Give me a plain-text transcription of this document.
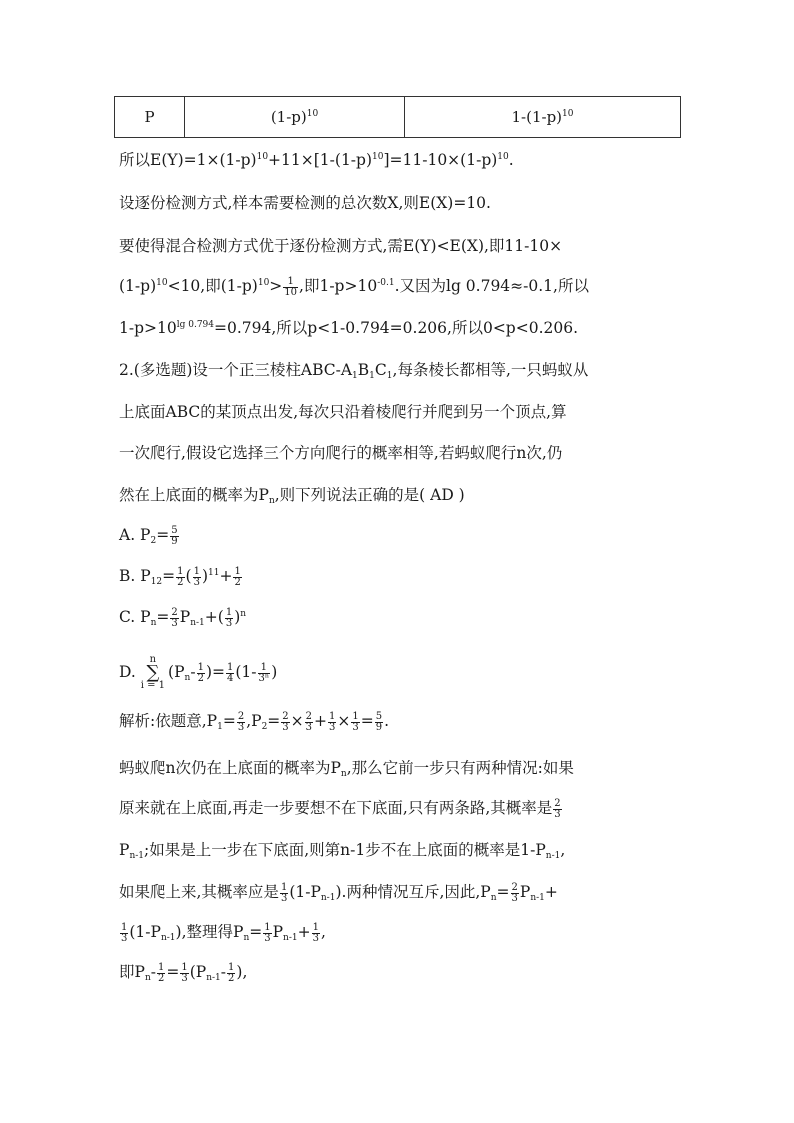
P	$(1-p)^{10}$	$1-(1-p)^{10}$
所以$E(Y)=1\times(1-p)^{10}+11\times[1-(1-p)^{10}]=11-10\times(1-p)^{10}$.
设逐份检测方式,样本需要检测的总次数X,则E(X)=10.
要使得混合检测方式优于逐份检测方式,需E(Y)<E(X),即11-10×
$(1-p)^{10}<10$,即$(1-p)^{10}> \frac{1}{10}$ ,即$1-p>10^{-0.1}$.又因为lg 0.794≈-0.1,所以
$1-p>10^{lg 0.794}=0.794$,所以p<1-0.794=0.206,所以0<p<0.206.
2.(多选题)设一个正三棱柱ABC-$A_1B_1C_1$,每条棱长都相等,一只蚂蚁从
上底面ABC的某顶点出发,每次只沿着棱爬行并爬到另一个顶点,算
一次爬行,假设它选择三个方向爬行的概率相等,若蚂蚁爬行n次,仍
然在上底面的概率为$P_n$,则下列说法正确的是( AD )
A. $P_2= \frac{5}{9}$
B. $P_{12}= \frac{1}{2}$ ( $\frac{1}{3} )^{11}+ \frac{1}{2}$
C. $P_n= \frac{2}{3} P_{n-1}+( \frac{1}{3} )^n$
D. n
∑
$i = 1(P_n- \frac{1}{2}$ )= $\frac{1}{4} (1- \frac{1}{\text{3ⁿ}}$ )
解析:依题意$,P_1= \frac{2}{3} ,P_2= \frac{2}{3} \times \frac{2}{3} + \frac{1}{3} \times \frac{1}{3} = \frac{5}{9}$ .
蚂蚁爬n次仍在上底面的概率为$P_n$,那么它前一步只有两种情况:如果
原来就在上底面,再走一步要想不在下底面,只有两条路,其概率是 $\frac{2}{3}$
$P_{n-1}$;如果是上一步在下底面,则第n-1步不在上底面的概率是$1-P_{n-1}$,
如果爬上来,其概率应是 $\frac{1}{3} (1-P_{n-1})$.两种情况互斥,因此$,P_n= \frac{2}{3} P_{n-1}+$
$\frac{1}{3} (1-P_{n-1})$,整理得$P_n= \frac{1}{3} P_{n-1}+ \frac{1}{3}$ ,
即$P_n- \frac{1}{2} = \frac{1}{3} (P_{n-1}- \frac{1}{2}$ ),
